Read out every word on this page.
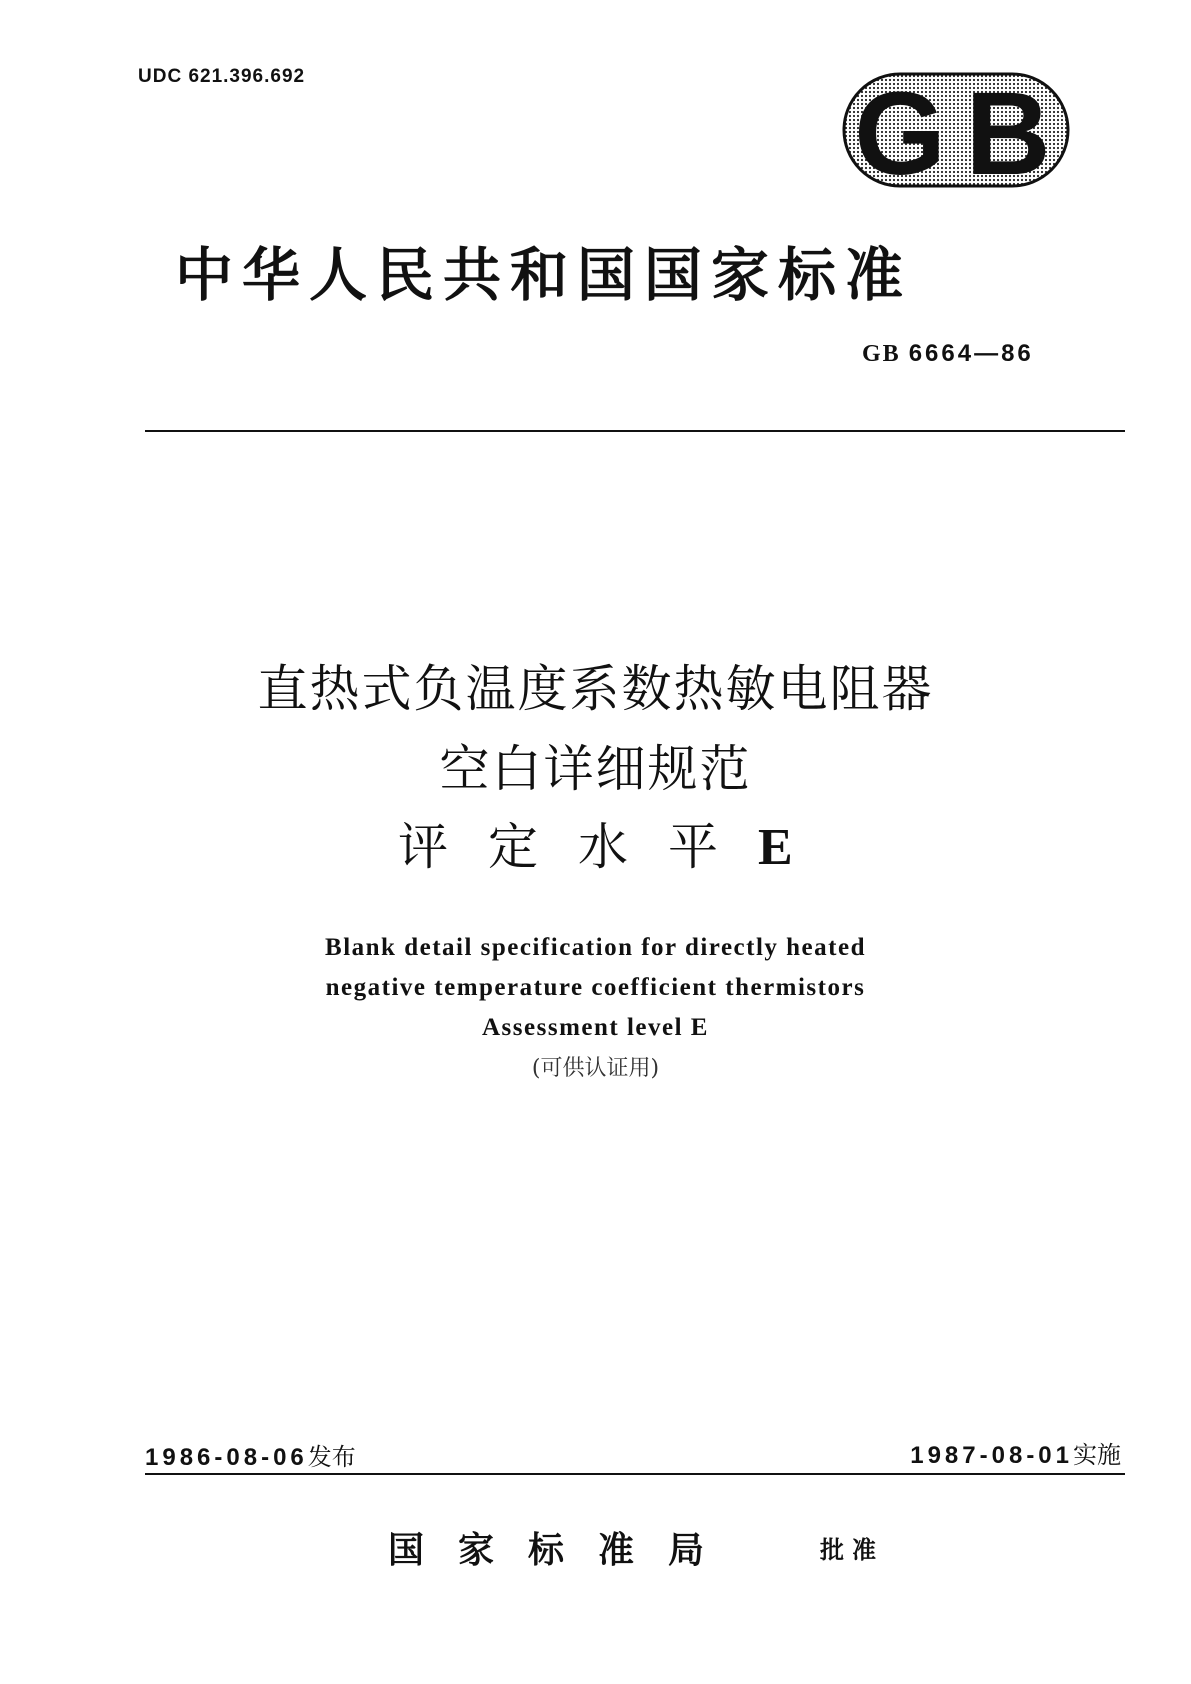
UDC 621.396.692	G B
中华人民共和国国家标准
GB 6664—86
直热式负温度系数热敏电阻器
空白详细规范
评 定 水 平 E
Blank detail specification for directly heated
negative temperature coefficient thermistors
Assessment level E
(可供认证用)
1986-08-06发布	1987-08-01实施
国家标准局	批准
